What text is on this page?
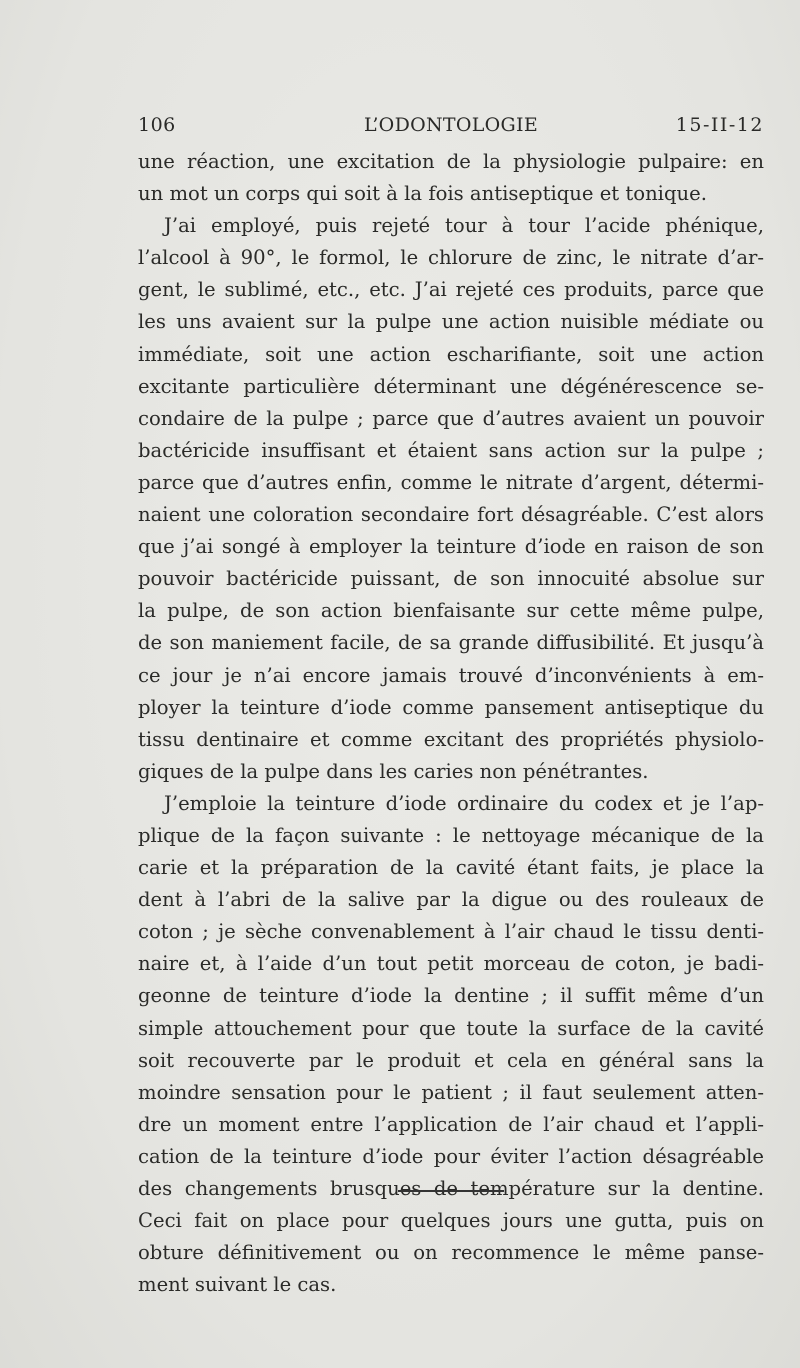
106	L’ODONTOLOGIE	15-II-12
une réaction, une excitation de la physiologie pulpaire: en
un mot un corps qui soit à la fois antiseptique et tonique.
J’ai employé, puis rejeté tour à tour l’acide phénique,
l’alcool à 90°, le formol, le chlorure de zinc, le nitrate d’ar-
gent, le sublimé, etc., etc. J’ai rejeté ces produits, parce que
les uns avaient sur la pulpe une action nuisible médiate ou
immédiate, soit une action escharifiante, soit une action
excitante particulière déterminant une dégénérescence se-
condaire de la pulpe ; parce que d’autres avaient un pouvoir
bactéricide insuffisant et étaient sans action sur la pulpe ;
parce que d’autres enfin, comme le nitrate d’argent, détermi-
naient une coloration secondaire fort désagréable. C’est alors
que j’ai songé à employer la teinture d’iode en raison de son
pouvoir bactéricide puissant, de son innocuité absolue sur
la pulpe, de son action bienfaisante sur cette même pulpe,
de son maniement facile, de sa grande diffusibilité. Et jusqu’à
ce jour je n’ai encore jamais trouvé d’inconvénients à em-
ployer la teinture d’iode comme pansement antiseptique du
tissu dentinaire et comme excitant des propriétés physiolo-
giques de la pulpe dans les caries non pénétrantes.
J’emploie la teinture d’iode ordinaire du codex et je l’ap-
plique de la façon suivante : le nettoyage mécanique de la
carie et la préparation de la cavité étant faits, je place la
dent à l’abri de la salive par la digue ou des rouleaux de
coton ; je sèche convenablement à l’air chaud le tissu denti-
naire et, à l’aide d’un tout petit morceau de coton, je badi-
geonne de teinture d’iode la dentine ; il suffit même d’un
simple attouchement pour que toute la surface de la cavité
soit recouverte par le produit et cela en général sans la
moindre sensation pour le patient ; il faut seulement atten-
dre un moment entre l’application de l’air chaud et l’appli-
cation de la teinture d’iode pour éviter l’action désagréable
des changements brusques de température sur la dentine.
Ceci fait on place pour quelques jours une gutta, puis on
obture définitivement ou on recommence le même panse-
ment suivant le cas.
